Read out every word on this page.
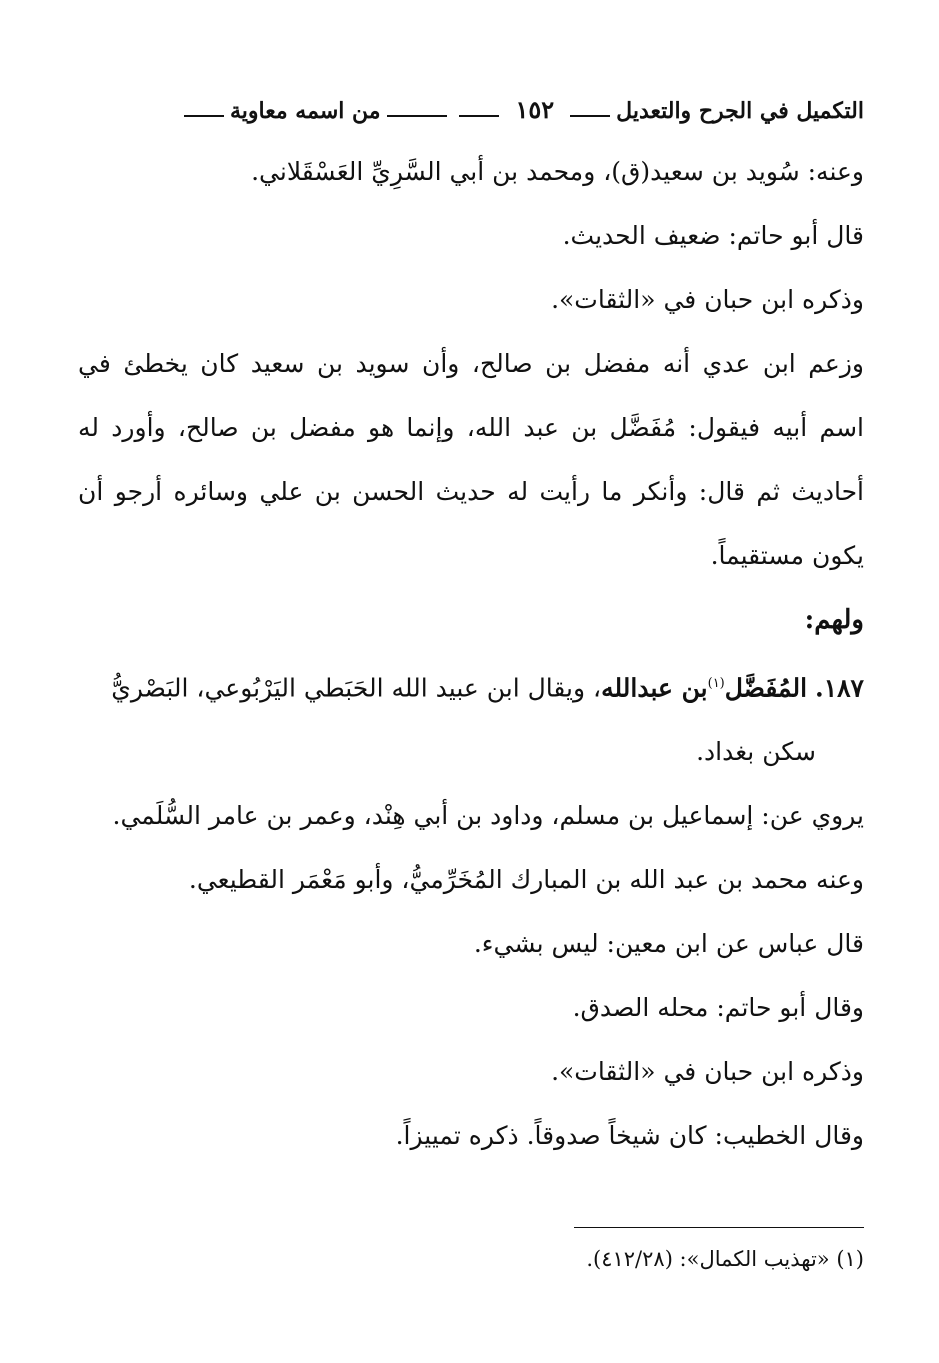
التكميل في الجرح والتعديل
١٥٢
من اسمه معاوية
وعنه: سُويد بن سعيد(ق)، ومحمد بن أبي السَّرِيِّ العَسْقَلاني.
قال أبو حاتم: ضعيف الحديث.
وذكره ابن حبان في «الثقات».
وزعم ابن عدي أنه مفضل بن صالح، وأن سويد بن سعيد كان يخطئ في
اسم أبيه فيقول: مُفَضَّل بن عبد الله، وإنما هو مفضل بن صالح، وأورد له
أحاديث ثم قال: وأنكر ما رأيت له حديث الحسن بن علي وسائره أرجو أن
يكون مستقيماً.
ولهم:
١٨٧. المُفَضَّل$^{(١)}$بن عبدالله، ويقال ابن عبيد الله الحَبَطي اليَرْبُوعي، البَصْريُّ
سكن بغداد.
يروي عن: إسماعيل بن مسلم، وداود بن أبي هِنْد، وعمر بن عامر السُّلَمي.
وعنه محمد بن عبد الله بن المبارك المُخَرِّميُّ، وأبو مَعْمَر القطيعي.
قال عباس عن ابن معين: ليس بشيء.
وقال أبو حاتم: محله الصدق.
وذكره ابن حبان في «الثقات».
وقال الخطيب: كان شيخاً صدوقاً. ذكره تمييزاً.
(١) «تهذيب الكمال»: (٤١٢/٢٨).
